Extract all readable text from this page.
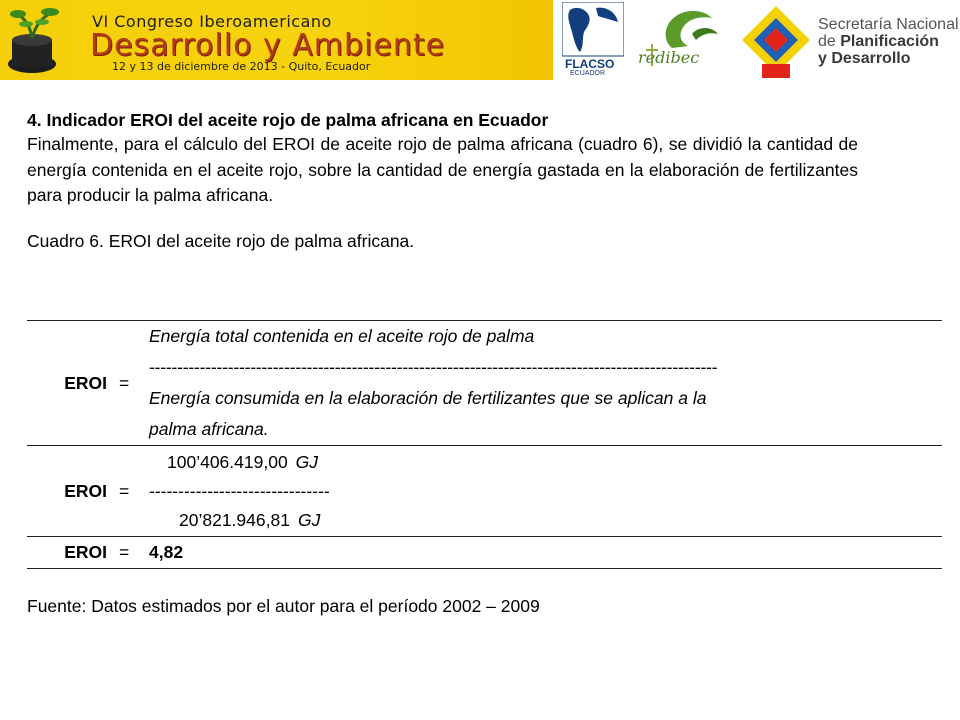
VI Congreso Iberoamericano
Desarrollo y Ambiente
12 y 13 de diciembre de 2013 - Quito, Ecuador	FLACSO
ECUADOR
redibec
Secretaría Nacional
de Planificación
y Desarrollo

4. Indicador EROI del aceite rojo de palma africana en Ecuador

Finalmente, para el cálculo del EROI de aceite rojo de palma africana (cuadro 6), se dividió la cantidad de energía contenida en el aceite rojo, sobre la cantidad de energía gastada en la elaboración de fertilizantes para producir la palma africana.

Cuadro 6. EROI del aceite rojo de palma africana.

EROI	=	Energía total contenida en el aceite rojo de palma
-----------------------------------------------------------------------------------------------------
Energía consumida en la elaboración de fertilizantes que se aplican a la
palma africana.

EROI	=	100’406.419,00 GJ
-------------------------------
20’821.946,81 GJ

EROI	=	4,82
Fuente: Datos estimados por el autor para el período 2002 – 2009
